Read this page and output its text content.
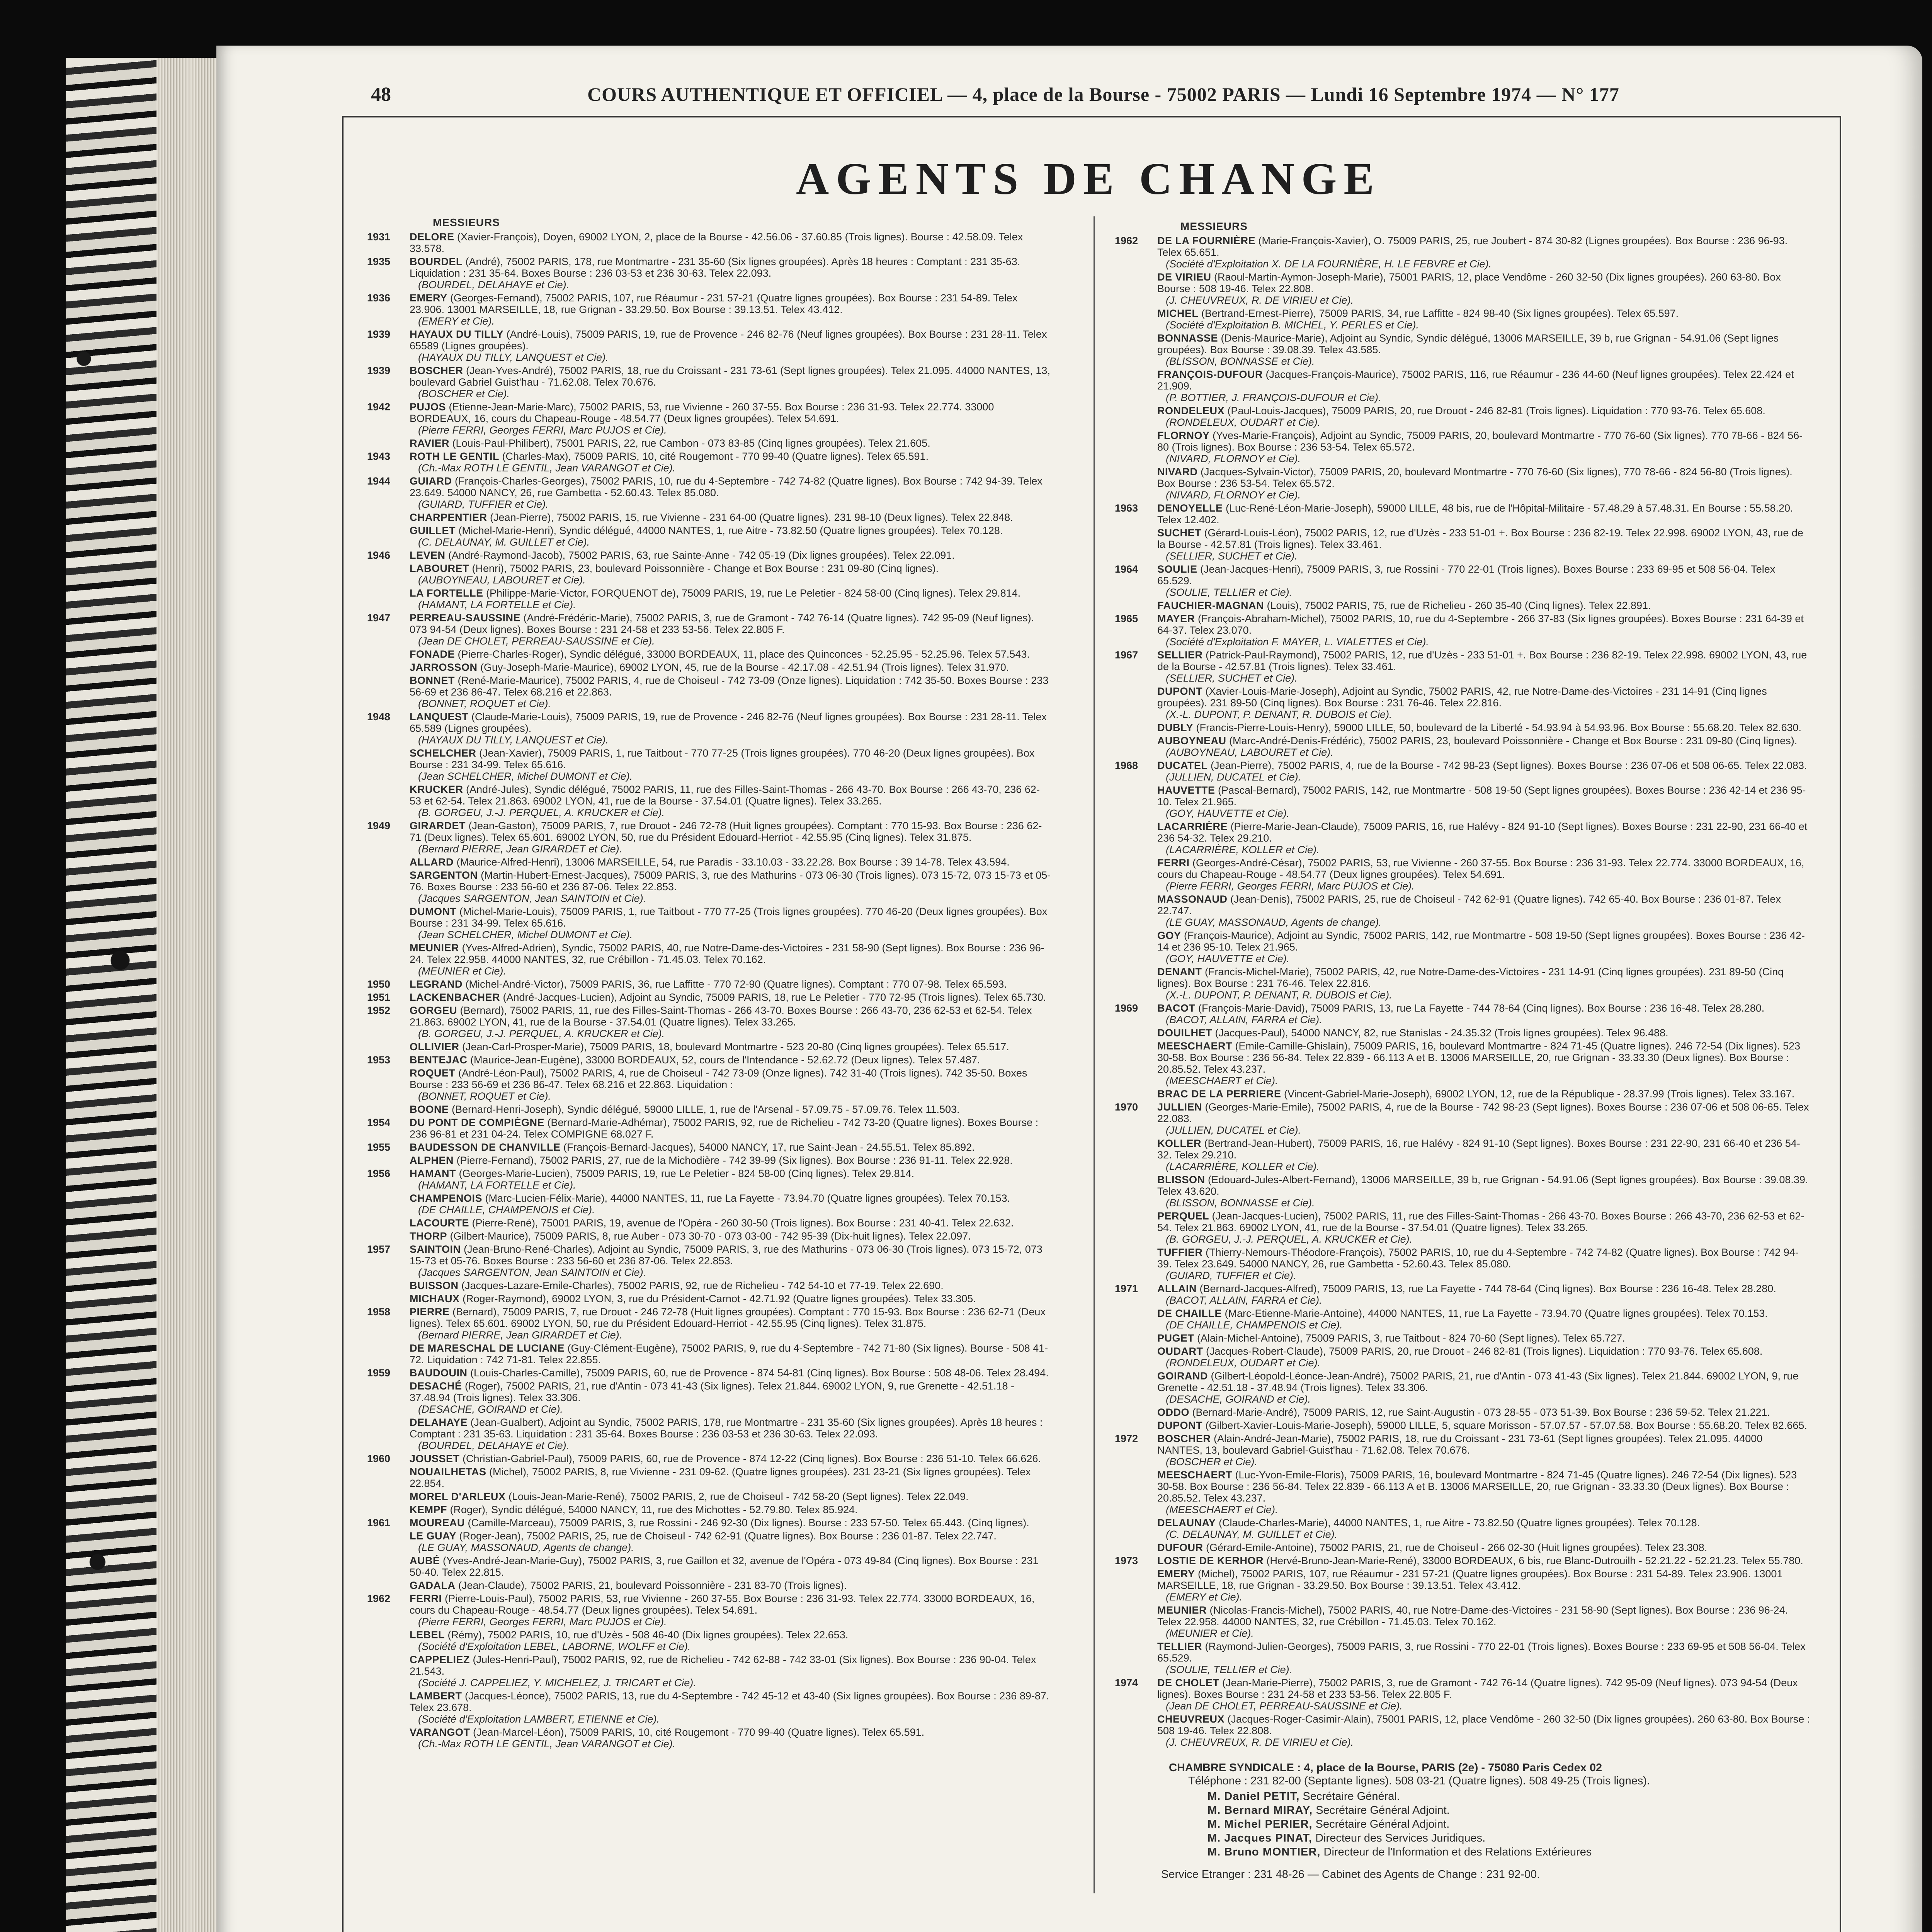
48	COURS AUTHENTIQUE ET OFFICIEL — 4, place de la Bourse - 75002 PARIS — Lundi 16 Septembre 1974 — N° 177
AGENTS DE CHANGE
MESSIEURS
1931	DELORE (Xavier-François), Doyen, 69002 LYON, 2, place de la Bourse - 42.56.06 - 37.60.85 (Trois lignes). Bourse : 42.58.09. Telex 33.578.
1935	BOURDEL (André), 75002 PARIS, 178, rue Montmartre - 231 35-60 (Six lignes groupées). Après 18 heures : Comptant : 231 35-63. Liquidation : 231 35-64. Boxes Bourse : 236 03-53 et 236 30-63. Telex 22.093.
(BOURDEL, DELAHAYE et Cie).
1936	EMERY (Georges-Fernand), 75002 PARIS, 107, rue Réaumur - 231 57-21 (Quatre lignes groupées). Box Bourse : 231 54-89. Telex 23.906. 13001 MARSEILLE, 18, rue Grignan - 33.29.50. Box Bourse : 39.13.51. Telex 43.412.
(EMERY et Cie).
1939	HAYAUX DU TILLY (André-Louis), 75009 PARIS, 19, rue de Provence - 246 82-76 (Neuf lignes groupées). Box Bourse : 231 28-11. Telex 65589 (Lignes groupées).
(HAYAUX DU TILLY, LANQUEST et Cie).
1939	BOSCHER (Jean-Yves-André), 75002 PARIS, 18, rue du Croissant - 231 73-61 (Sept lignes groupées). Telex 21.095. 44000 NANTES, 13, boulevard Gabriel Guist'hau - 71.62.08. Telex 70.676.
(BOSCHER et Cie).
1942	PUJOS (Etienne-Jean-Marie-Marc), 75002 PARIS, 53, rue Vivienne - 260 37-55. Box Bourse : 236 31-93. Telex 22.774. 33000 BORDEAUX, 16, cours du Chapeau-Rouge - 48.54.77 (Deux lignes groupées). Telex 54.691.
(Pierre FERRI, Georges FERRI, Marc PUJOS et Cie).
RAVIER (Louis-Paul-Philibert), 75001 PARIS, 22, rue Cambon - 073 83-85 (Cinq lignes groupées). Telex 21.605.
1943	ROTH LE GENTIL (Charles-Max), 75009 PARIS, 10, cité Rougemont - 770 99-40 (Quatre lignes). Telex 65.591.
(Ch.-Max ROTH LE GENTIL, Jean VARANGOT et Cie).
1944	GUIARD (François-Charles-Georges), 75002 PARIS, 10, rue du 4-Septembre - 742 74-82 (Quatre lignes). Box Bourse : 742 94-39. Telex 23.649. 54000 NANCY, 26, rue Gambetta - 52.60.43. Telex 85.080.
(GUIARD, TUFFIER et Cie).
CHARPENTIER (Jean-Pierre), 75002 PARIS, 15, rue Vivienne - 231 64-00 (Quatre lignes). 231 98-10 (Deux lignes). Telex 22.848.
GUILLET (Michel-Marie-Henri), Syndic délégué, 44000 NANTES, 1, rue Aitre - 73.82.50 (Quatre lignes groupées). Telex 70.128.
(C. DELAUNAY, M. GUILLET et Cie).
1946	LEVEN (André-Raymond-Jacob), 75002 PARIS, 63, rue Sainte-Anne - 742 05-19 (Dix lignes groupées). Telex 22.091.
LABOURET (Henri), 75002 PARIS, 23, boulevard Poissonnière - Change et Box Bourse : 231 09-80 (Cinq lignes).
(AUBOYNEAU, LABOURET et Cie).
LA FORTELLE (Philippe-Marie-Victor, FORQUENOT de), 75009 PARIS, 19, rue Le Peletier - 824 58-00 (Cinq lignes). Telex 29.814.
(HAMANT, LA FORTELLE et Cie).
1947	PERREAU-SAUSSINE (André-Frédéric-Marie), 75002 PARIS, 3, rue de Gramont - 742 76-14 (Quatre lignes). 742 95-09 (Neuf lignes). 073 94-54 (Deux lignes). Boxes Bourse : 231 24-58 et 233 53-56. Telex 22.805 F.
(Jean DE CHOLET, PERREAU-SAUSSINE et Cie).
FONADE (Pierre-Charles-Roger), Syndic délégué, 33000 BORDEAUX, 11, place des Quinconces - 52.25.95 - 52.25.96. Telex 57.543.
JARROSSON (Guy-Joseph-Marie-Maurice), 69002 LYON, 45, rue de la Bourse - 42.17.08 - 42.51.94 (Trois lignes). Telex 31.970.
BONNET (René-Marie-Maurice), 75002 PARIS, 4, rue de Choiseul - 742 73-09 (Onze lignes). Liquidation : 742 35-50. Boxes Bourse : 233 56-69 et 236 86-47. Telex 68.216 et 22.863.
(BONNET, ROQUET et Cie).
1948	LANQUEST (Claude-Marie-Louis), 75009 PARIS, 19, rue de Provence - 246 82-76 (Neuf lignes groupées). Box Bourse : 231 28-11. Telex 65.589 (Lignes groupées).
(HAYAUX DU TILLY, LANQUEST et Cie).
SCHELCHER (Jean-Xavier), 75009 PARIS, 1, rue Taitbout - 770 77-25 (Trois lignes groupées). 770 46-20 (Deux lignes groupées). Box Bourse : 231 34-99. Telex 65.616.
(Jean SCHELCHER, Michel DUMONT et Cie).
KRUCKER (André-Jules), Syndic délégué, 75002 PARIS, 11, rue des Filles-Saint-Thomas - 266 43-70. Box Bourse : 266 43-70, 236 62-53 et 62-54. Telex 21.863. 69002 LYON, 41, rue de la Bourse - 37.54.01 (Quatre lignes). Telex 33.265.
(B. GORGEU, J.-J. PERQUEL, A. KRUCKER et Cie).
1949	GIRARDET (Jean-Gaston), 75009 PARIS, 7, rue Drouot - 246 72-78 (Huit lignes groupées). Comptant : 770 15-93. Box Bourse : 236 62-71 (Deux lignes). Telex 65.601. 69002 LYON, 50, rue du Président Edouard-Herriot - 42.55.95 (Cinq lignes). Telex 31.875.
(Bernard PIERRE, Jean GIRARDET et Cie).
ALLARD (Maurice-Alfred-Henri), 13006 MARSEILLE, 54, rue Paradis - 33.10.03 - 33.22.28. Box Bourse : 39 14-78. Telex 43.594.
SARGENTON (Martin-Hubert-Ernest-Jacques), 75009 PARIS, 3, rue des Mathurins - 073 06-30 (Trois lignes). 073 15-72, 073 15-73 et 05-76. Boxes Bourse : 233 56-60 et 236 87-06. Telex 22.853.
(Jacques SARGENTON, Jean SAINTOIN et Cie).
DUMONT (Michel-Marie-Louis), 75009 PARIS, 1, rue Taitbout - 770 77-25 (Trois lignes groupées). 770 46-20 (Deux lignes groupées). Box Bourse : 231 34-99. Telex 65.616.
(Jean SCHELCHER, Michel DUMONT et Cie).
MEUNIER (Yves-Alfred-Adrien), Syndic, 75002 PARIS, 40, rue Notre-Dame-des-Victoires - 231 58-90 (Sept lignes). Box Bourse : 236 96-24. Telex 22.958. 44000 NANTES, 32, rue Crébillon - 71.45.03. Telex 70.162.
(MEUNIER et Cie).
1950	LEGRAND (Michel-André-Victor), 75009 PARIS, 36, rue Laffitte - 770 72-90 (Quatre lignes). Comptant : 770 07-98. Telex 65.593.
1951	LACKENBACHER (André-Jacques-Lucien), Adjoint au Syndic, 75009 PARIS, 18, rue Le Peletier - 770 72-95 (Trois lignes). Telex 65.730.
1952	GORGEU (Bernard), 75002 PARIS, 11, rue des Filles-Saint-Thomas - 266 43-70. Boxes Bourse : 266 43-70, 236 62-53 et 62-54. Telex 21.863. 69002 LYON, 41, rue de la Bourse - 37.54.01 (Quatre lignes). Telex 33.265.
(B. GORGEU, J.-J. PERQUEL, A. KRUCKER et Cie).
OLLIVIER (Jean-Carl-Prosper-Marie), 75009 PARIS, 18, boulevard Montmartre - 523 20-80 (Cinq lignes groupées). Telex 65.517.
1953	BENTEJAC (Maurice-Jean-Eugène), 33000 BORDEAUX, 52, cours de l'Intendance - 52.62.72 (Deux lignes). Telex 57.487.
ROQUET (André-Léon-Paul), 75002 PARIS, 4, rue de Choiseul - 742 73-09 (Onze lignes). 742 31-40 (Trois lignes). 742 35-50. Boxes Bourse : 233 56-69 et 236 86-47. Telex 68.216 et 22.863. Liquidation :
(BONNET, ROQUET et Cie).
BOONE (Bernard-Henri-Joseph), Syndic délégué, 59000 LILLE, 1, rue de l'Arsenal - 57.09.75 - 57.09.76. Telex 11.503.
1954	DU PONT DE COMPIÈGNE (Bernard-Marie-Adhémar), 75002 PARIS, 92, rue de Richelieu - 742 73-20 (Quatre lignes). Boxes Bourse : 236 96-81 et 231 04-24. Telex COMPIGNE 68.027 F.
1955	BAUDESSON DE CHANVILLE (François-Bernard-Jacques), 54000 NANCY, 17, rue Saint-Jean - 24.55.51. Telex 85.892.
ALPHEN (Pierre-Fernand), 75002 PARIS, 27, rue de la Michodière - 742 39-99 (Six lignes). Box Bourse : 236 91-11. Telex 22.928.
1956	HAMANT (Georges-Marie-Lucien), 75009 PARIS, 19, rue Le Peletier - 824 58-00 (Cinq lignes). Telex 29.814.
(HAMANT, LA FORTELLE et Cie).
CHAMPENOIS (Marc-Lucien-Félix-Marie), 44000 NANTES, 11, rue La Fayette - 73.94.70 (Quatre lignes groupées). Telex 70.153.
(DE CHAILLE, CHAMPENOIS et Cie).
LACOURTE (Pierre-René), 75001 PARIS, 19, avenue de l'Opéra - 260 30-50 (Trois lignes). Box Bourse : 231 40-41. Telex 22.632.
THORP (Gilbert-Maurice), 75009 PARIS, 8, rue Auber - 073 30-70 - 073 03-00 - 742 95-39 (Dix-huit lignes). Telex 22.097.
1957	SAINTOIN (Jean-Bruno-René-Charles), Adjoint au Syndic, 75009 PARIS, 3, rue des Mathurins - 073 06-30 (Trois lignes). 073 15-72, 073 15-73 et 05-76. Boxes Bourse : 233 56-60 et 236 87-06. Telex 22.853.
(Jacques SARGENTON, Jean SAINTOIN et Cie).
BUISSON (Jacques-Lazare-Emile-Charles), 75002 PARIS, 92, rue de Richelieu - 742 54-10 et 77-19. Telex 22.690.
MICHAUX (Roger-Raymond), 69002 LYON, 3, rue du Président-Carnot - 42.71.92 (Quatre lignes groupées). Telex 33.305.
1958	PIERRE (Bernard), 75009 PARIS, 7, rue Drouot - 246 72-78 (Huit lignes groupées). Comptant : 770 15-93. Box Bourse : 236 62-71 (Deux lignes). Telex 65.601. 69002 LYON, 50, rue du Président Edouard-Herriot - 42.55.95 (Cinq lignes). Telex 31.875.
(Bernard PIERRE, Jean GIRARDET et Cie).
DE MARESCHAL DE LUCIANE (Guy-Clément-Eugène), 75002 PARIS, 9, rue du 4-Septembre - 742 71-80 (Six lignes). Bourse - 508 41-72. Liquidation : 742 71-81. Telex 22.855.
1959	BAUDOUIN (Louis-Charles-Camille), 75009 PARIS, 60, rue de Provence - 874 54-81 (Cinq lignes). Box Bourse : 508 48-06. Telex 28.494.
DESACHÉ (Roger), 75002 PARIS, 21, rue d'Antin - 073 41-43 (Six lignes). Telex 21.844. 69002 LYON, 9, rue Grenette - 42.51.18 - 37.48.94 (Trois lignes). Telex 33.306.
(DESACHE, GOIRAND et Cie).
DELAHAYE (Jean-Gualbert), Adjoint au Syndic, 75002 PARIS, 178, rue Montmartre - 231 35-60 (Six lignes groupées). Après 18 heures : Comptant : 231 35-63. Liquidation : 231 35-64. Boxes Bourse : 236 03-53 et 236 30-63. Telex 22.093.
(BOURDEL, DELAHAYE et Cie).
1960	JOUSSET (Christian-Gabriel-Paul), 75009 PARIS, 60, rue de Provence - 874 12-22 (Cinq lignes). Box Bourse : 236 51-10. Telex 66.626.
NOUAILHETAS (Michel), 75002 PARIS, 8, rue Vivienne - 231 09-62. (Quatre lignes groupées). 231 23-21 (Six lignes groupées). Telex 22.854.
MOREL D'ARLEUX (Louis-Jean-Marie-René), 75002 PARIS, 2, rue de Choiseul - 742 58-20 (Sept lignes). Telex 22.049.
KEMPF (Roger), Syndic délégué, 54000 NANCY, 11, rue des Michottes - 52.79.80. Telex 85.924.
1961	MOUREAU (Camille-Marceau), 75009 PARIS, 3, rue Rossini - 246 92-30 (Dix lignes). Bourse : 233 57-50. Telex 65.443. (Cinq lignes).
LE GUAY (Roger-Jean), 75002 PARIS, 25, rue de Choiseul - 742 62-91 (Quatre lignes). Box Bourse : 236 01-87. Telex 22.747.
(LE GUAY, MASSONAUD, Agents de change).
AUBÉ (Yves-André-Jean-Marie-Guy), 75002 PARIS, 3, rue Gaillon et 32, avenue de l'Opéra - 073 49-84 (Cinq lignes). Box Bourse : 231 50-40. Telex 22.815.
GADALA (Jean-Claude), 75002 PARIS, 21, boulevard Poissonnière - 231 83-70 (Trois lignes).
1962	FERRI (Pierre-Louis-Paul), 75002 PARIS, 53, rue Vivienne - 260 37-55. Box Bourse : 236 31-93. Telex 22.774. 33000 BORDEAUX, 16, cours du Chapeau-Rouge - 48.54.77 (Deux lignes groupées). Telex 54.691.
(Pierre FERRI, Georges FERRI, Marc PUJOS et Cie).
LEBEL (Rémy), 75002 PARIS, 10, rue d'Uzès - 508 46-40 (Dix lignes groupées). Telex 22.653.
(Société d'Exploitation LEBEL, LABORNE, WOLFF et Cie).
CAPPELIEZ (Jules-Henri-Paul), 75002 PARIS, 92, rue de Richelieu - 742 62-88 - 742 33-01 (Six lignes). Box Bourse : 236 90-04. Telex 21.543.
(Société J. CAPPELIEZ, Y. MICHELEZ, J. TRICART et Cie).
LAMBERT (Jacques-Léonce), 75002 PARIS, 13, rue du 4-Septembre - 742 45-12 et 43-40 (Six lignes groupées). Box Bourse : 236 89-87. Telex 23.678.
(Société d'Exploitation LAMBERT, ETIENNE et Cie).
VARANGOT (Jean-Marcel-Léon), 75009 PARIS, 10, cité Rougemont - 770 99-40 (Quatre lignes). Telex 65.591.
(Ch.-Max ROTH LE GENTIL, Jean VARANGOT et Cie).
MESSIEURS
1962	DE LA FOURNIÈRE (Marie-François-Xavier), O. 75009 PARIS, 25, rue Joubert - 874 30-82 (Lignes groupées). Box Bourse : 236 96-93. Telex 65.651.
(Société d'Exploitation X. DE LA FOURNIÈRE, H. LE FEBVRE et Cie).
DE VIRIEU (Raoul-Martin-Aymon-Joseph-Marie), 75001 PARIS, 12, place Vendôme - 260 32-50 (Dix lignes groupées). 260 63-80. Box Bourse : 508 19-46. Telex 22.808.
(J. CHEUVREUX, R. DE VIRIEU et Cie).
MICHEL (Bertrand-Ernest-Pierre), 75009 PARIS, 34, rue Laffitte - 824 98-40 (Six lignes groupées). Telex 65.597.
(Société d'Exploitation B. MICHEL, Y. PERLES et Cie).
BONNASSE (Denis-Maurice-Marie), Adjoint au Syndic, Syndic délégué, 13006 MARSEILLE, 39 b, rue Grignan - 54.91.06 (Sept lignes groupées). Box Bourse : 39.08.39. Telex 43.585.
(BLISSON, BONNASSE et Cie).
FRANÇOIS-DUFOUR (Jacques-François-Maurice), 75002 PARIS, 116, rue Réaumur - 236 44-60 (Neuf lignes groupées). Telex 22.424 et 21.909.
(P. BOTTIER, J. FRANÇOIS-DUFOUR et Cie).
RONDELEUX (Paul-Louis-Jacques), 75009 PARIS, 20, rue Drouot - 246 82-81 (Trois lignes). Liquidation : 770 93-76. Telex 65.608.
(RONDELEUX, OUDART et Cie).
FLORNOY (Yves-Marie-François), Adjoint au Syndic, 75009 PARIS, 20, boulevard Montmartre - 770 76-60 (Six lignes). 770 78-66 - 824 56-80 (Trois lignes). Box Bourse : 236 53-54. Telex 65.572.
(NIVARD, FLORNOY et Cie).
NIVARD (Jacques-Sylvain-Victor), 75009 PARIS, 20, boulevard Montmartre - 770 76-60 (Six lignes), 770 78-66 - 824 56-80 (Trois lignes). Box Bourse : 236 53-54. Telex 65.572.
(NIVARD, FLORNOY et Cie).
1963	DENOYELLE (Luc-René-Léon-Marie-Joseph), 59000 LILLE, 48 bis, rue de l'Hôpital-Militaire - 57.48.29 à 57.48.31. En Bourse : 55.58.20. Telex 12.402.
SUCHET (Gérard-Louis-Léon), 75002 PARIS, 12, rue d'Uzès - 233 51-01 +. Box Bourse : 236 82-19. Telex 22.998. 69002 LYON, 43, rue de la Bourse - 42.57.81 (Trois lignes). Telex 33.461.
(SELLIER, SUCHET et Cie).
1964	SOULIE (Jean-Jacques-Henri), 75009 PARIS, 3, rue Rossini - 770 22-01 (Trois lignes). Boxes Bourse : 233 69-95 et 508 56-04. Telex 65.529.
(SOULIE, TELLIER et Cie).
FAUCHIER-MAGNAN (Louis), 75002 PARIS, 75, rue de Richelieu - 260 35-40 (Cinq lignes). Telex 22.891.
1965	MAYER (François-Abraham-Michel), 75002 PARIS, 10, rue du 4-Septembre - 266 37-83 (Six lignes groupées). Boxes Bourse : 231 64-39 et 64-37. Telex 23.070.
(Société d'Exploitation F. MAYER, L. VIALETTES et Cie).
1967	SELLIER (Patrick-Paul-Raymond), 75002 PARIS, 12, rue d'Uzès - 233 51-01 +. Box Bourse : 236 82-19. Telex 22.998. 69002 LYON, 43, rue de la Bourse - 42.57.81 (Trois lignes). Telex 33.461.
(SELLIER, SUCHET et Cie).
DUPONT (Xavier-Louis-Marie-Joseph), Adjoint au Syndic, 75002 PARIS, 42, rue Notre-Dame-des-Victoires - 231 14-91 (Cinq lignes groupées). 231 89-50 (Cinq lignes). Box Bourse : 231 76-46. Telex 22.816.
(X.-L. DUPONT, P. DENANT, R. DUBOIS et Cie).
DUBLY (Francis-Pierre-Louis-Henry), 59000 LILLE, 50, boulevard de la Liberté - 54.93.94 à 54.93.96. Box Bourse : 55.68.20. Telex 82.630.
AUBOYNEAU (Marc-André-Denis-Frédéric), 75002 PARIS, 23, boulevard Poissonnière - Change et Box Bourse : 231 09-80 (Cinq lignes).
(AUBOYNEAU, LABOURET et Cie).
1968	DUCATEL (Jean-Pierre), 75002 PARIS, 4, rue de la Bourse - 742 98-23 (Sept lignes). Boxes Bourse : 236 07-06 et 508 06-65. Telex 22.083.
(JULLIEN, DUCATEL et Cie).
HAUVETTE (Pascal-Bernard), 75002 PARIS, 142, rue Montmartre - 508 19-50 (Sept lignes groupées). Boxes Bourse : 236 42-14 et 236 95-10. Telex 21.965.
(GOY, HAUVETTE et Cie).
LACARRIÈRE (Pierre-Marie-Jean-Claude), 75009 PARIS, 16, rue Halévy - 824 91-10 (Sept lignes). Boxes Bourse : 231 22-90, 231 66-40 et 236 54-32. Telex 29.210.
(LACARRIÈRE, KOLLER et Cie).
FERRI (Georges-André-César), 75002 PARIS, 53, rue Vivienne - 260 37-55. Box Bourse : 236 31-93. Telex 22.774. 33000 BORDEAUX, 16, cours du Chapeau-Rouge - 48.54.77 (Deux lignes groupées). Telex 54.691.
(Pierre FERRI, Georges FERRI, Marc PUJOS et Cie).
MASSONAUD (Jean-Denis), 75002 PARIS, 25, rue de Choiseul - 742 62-91 (Quatre lignes). 742 65-40. Box Bourse : 236 01-87. Telex 22.747.
(LE GUAY, MASSONAUD, Agents de change).
GOY (François-Maurice), Adjoint au Syndic, 75002 PARIS, 142, rue Montmartre - 508 19-50 (Sept lignes groupées). Boxes Bourse : 236 42-14 et 236 95-10. Telex 21.965.
(GOY, HAUVETTE et Cie).
DENANT (Francis-Michel-Marie), 75002 PARIS, 42, rue Notre-Dame-des-Victoires - 231 14-91 (Cinq lignes groupées). 231 89-50 (Cinq lignes). Box Bourse : 231 76-46. Telex 22.816.
(X.-L. DUPONT, P. DENANT, R. DUBOIS et Cie).
1969	BACOT (François-Marie-David), 75009 PARIS, 13, rue La Fayette - 744 78-64 (Cinq lignes). Box Bourse : 236 16-48. Telex 28.280.
(BACOT, ALLAIN, FARRA et Cie).
DOUILHET (Jacques-Paul), 54000 NANCY, 82, rue Stanislas - 24.35.32 (Trois lignes groupées). Telex 96.488.
MEESCHAERT (Emile-Camille-Ghislain), 75009 PARIS, 16, boulevard Montmartre - 824 71-45 (Quatre lignes). 246 72-54 (Dix lignes). 523 30-58. Box Bourse : 236 56-84. Telex 22.839 - 66.113 A et B. 13006 MARSEILLE, 20, rue Grignan - 33.33.30 (Deux lignes). Box Bourse : 20.85.52. Telex 43.237.
(MEESCHAERT et Cie).
BRAC DE LA PERRIERE (Vincent-Gabriel-Marie-Joseph), 69002 LYON, 12, rue de la République - 28.37.99 (Trois lignes). Telex 33.167.
1970	JULLIEN (Georges-Marie-Emile), 75002 PARIS, 4, rue de la Bourse - 742 98-23 (Sept lignes). Boxes Bourse : 236 07-06 et 508 06-65. Telex 22.083.
(JULLIEN, DUCATEL et Cie).
KOLLER (Bertrand-Jean-Hubert), 75009 PARIS, 16, rue Halévy - 824 91-10 (Sept lignes). Boxes Bourse : 231 22-90, 231 66-40 et 236 54-32. Telex 29.210.
(LACARRIÈRE, KOLLER et Cie).
BLISSON (Edouard-Jules-Albert-Fernand), 13006 MARSEILLE, 39 b, rue Grignan - 54.91.06 (Sept lignes groupées). Box Bourse : 39.08.39. Telex 43.620.
(BLISSON, BONNASSE et Cie).
PERQUEL (Jean-Jacques-Lucien), 75002 PARIS, 11, rue des Filles-Saint-Thomas - 266 43-70. Boxes Bourse : 266 43-70, 236 62-53 et 62-54. Telex 21.863. 69002 LYON, 41, rue de la Bourse - 37.54.01 (Quatre lignes). Telex 33.265.
(B. GORGEU, J.-J. PERQUEL, A. KRUCKER et Cie).
TUFFIER (Thierry-Nemours-Théodore-François), 75002 PARIS, 10, rue du 4-Septembre - 742 74-82 (Quatre lignes). Box Bourse : 742 94-39. Telex 23.649. 54000 NANCY, 26, rue Gambetta - 52.60.43. Telex 85.080.
(GUIARD, TUFFIER et Cie).
1971	ALLAIN (Bernard-Jacques-Alfred), 75009 PARIS, 13, rue La Fayette - 744 78-64 (Cinq lignes). Box Bourse : 236 16-48. Telex 28.280.
(BACOT, ALLAIN, FARRA et Cie).
DE CHAILLE (Marc-Etienne-Marie-Antoine), 44000 NANTES, 11, rue La Fayette - 73.94.70 (Quatre lignes groupées). Telex 70.153.
(DE CHAILLE, CHAMPENOIS et Cie).
PUGET (Alain-Michel-Antoine), 75009 PARIS, 3, rue Taitbout - 824 70-60 (Sept lignes). Telex 65.727.
OUDART (Jacques-Robert-Claude), 75009 PARIS, 20, rue Drouot - 246 82-81 (Trois lignes). Liquidation : 770 93-76. Telex 65.608.
(RONDELEUX, OUDART et Cie).
GOIRAND (Gilbert-Léopold-Léonce-Jean-André), 75002 PARIS, 21, rue d'Antin - 073 41-43 (Six lignes). Telex 21.844. 69002 LYON, 9, rue Grenette - 42.51.18 - 37.48.94 (Trois lignes). Telex 33.306.
(DESACHE, GOIRAND et Cie).
ODDO (Bernard-Marie-André), 75009 PARIS, 12, rue Saint-Augustin - 073 28-55 - 073 51-39. Box Bourse : 236 59-52. Telex 21.221.
DUPONT (Gilbert-Xavier-Louis-Marie-Joseph), 59000 LILLE, 5, square Morisson - 57.07.57 - 57.07.58. Box Bourse : 55.68.20. Telex 82.665.
1972	BOSCHER (Alain-André-Jean-Marie), 75002 PARIS, 18, rue du Croissant - 231 73-61 (Sept lignes groupées). Telex 21.095. 44000 NANTES, 13, boulevard Gabriel-Guist'hau - 71.62.08. Telex 70.676.
(BOSCHER et Cie).
MEESCHAERT (Luc-Yvon-Emile-Floris), 75009 PARIS, 16, boulevard Montmartre - 824 71-45 (Quatre lignes). 246 72-54 (Dix lignes). 523 30-58. Box Bourse : 236 56-84. Telex 22.839 - 66.113 A et B. 13006 MARSEILLE, 20, rue Grignan - 33.33.30 (Deux lignes). Box Bourse : 20.85.52. Telex 43.237.
(MEESCHAERT et Cie).
DELAUNAY (Claude-Charles-Marie), 44000 NANTES, 1, rue Aitre - 73.82.50 (Quatre lignes groupées). Telex 70.128.
(C. DELAUNAY, M. GUILLET et Cie).
DUFOUR (Gérard-Emile-Antoine), 75002 PARIS, 21, rue de Choiseul - 266 02-30 (Huit lignes groupées). Telex 23.308.
1973	LOSTIE DE KERHOR (Hervé-Bruno-Jean-Marie-René), 33000 BORDEAUX, 6 bis, rue Blanc-Dutrouilh - 52.21.22 - 52.21.23. Telex 55.780.
EMERY (Michel), 75002 PARIS, 107, rue Réaumur - 231 57-21 (Quatre lignes groupées). Box Bourse : 231 54-89. Telex 23.906. 13001 MARSEILLE, 18, rue Grignan - 33.29.50. Box Bourse : 39.13.51. Telex 43.412.
(EMERY et Cie).
MEUNIER (Nicolas-Francis-Michel), 75002 PARIS, 40, rue Notre-Dame-des-Victoires - 231 58-90 (Sept lignes). Box Bourse : 236 96-24. Telex 22.958. 44000 NANTES, 32, rue Crébillon - 71.45.03. Telex 70.162.
(MEUNIER et Cie).
TELLIER (Raymond-Julien-Georges), 75009 PARIS, 3, rue Rossini - 770 22-01 (Trois lignes). Boxes Bourse : 233 69-95 et 508 56-04. Telex 65.529.
(SOULIE, TELLIER et Cie).
1974	DE CHOLET (Jean-Marie-Pierre), 75002 PARIS, 3, rue de Gramont - 742 76-14 (Quatre lignes). 742 95-09 (Neuf lignes). 073 94-54 (Deux lignes). Boxes Bourse : 231 24-58 et 233 53-56. Telex 22.805 F.
(Jean DE CHOLET, PERREAU-SAUSSINE et Cie).
CHEUVREUX (Jacques-Roger-Casimir-Alain), 75001 PARIS, 12, place Vendôme - 260 32-50 (Dix lignes groupées). 260 63-80. Box Bourse : 508 19-46. Telex 22.808.
(J. CHEUVREUX, R. DE VIRIEU et Cie).
CHAMBRE SYNDICALE : 4, place de la Bourse, PARIS (2e) - 75080 Paris Cedex 02
Téléphone : 231 82-00 (Septante lignes). 508 03-21 (Quatre lignes). 508 49-25 (Trois lignes).
M. Daniel PETIT, Secrétaire Général.
M. Bernard MIRAY, Secrétaire Général Adjoint.
M. Michel PERIER, Secrétaire Général Adjoint.
M. Jacques PINAT, Directeur des Services Juridiques.
M. Bruno MONTIER, Directeur de l'Information et des Relations Extérieures
Service Etranger : 231 48-26 — Cabinet des Agents de Change : 231 92-00.
